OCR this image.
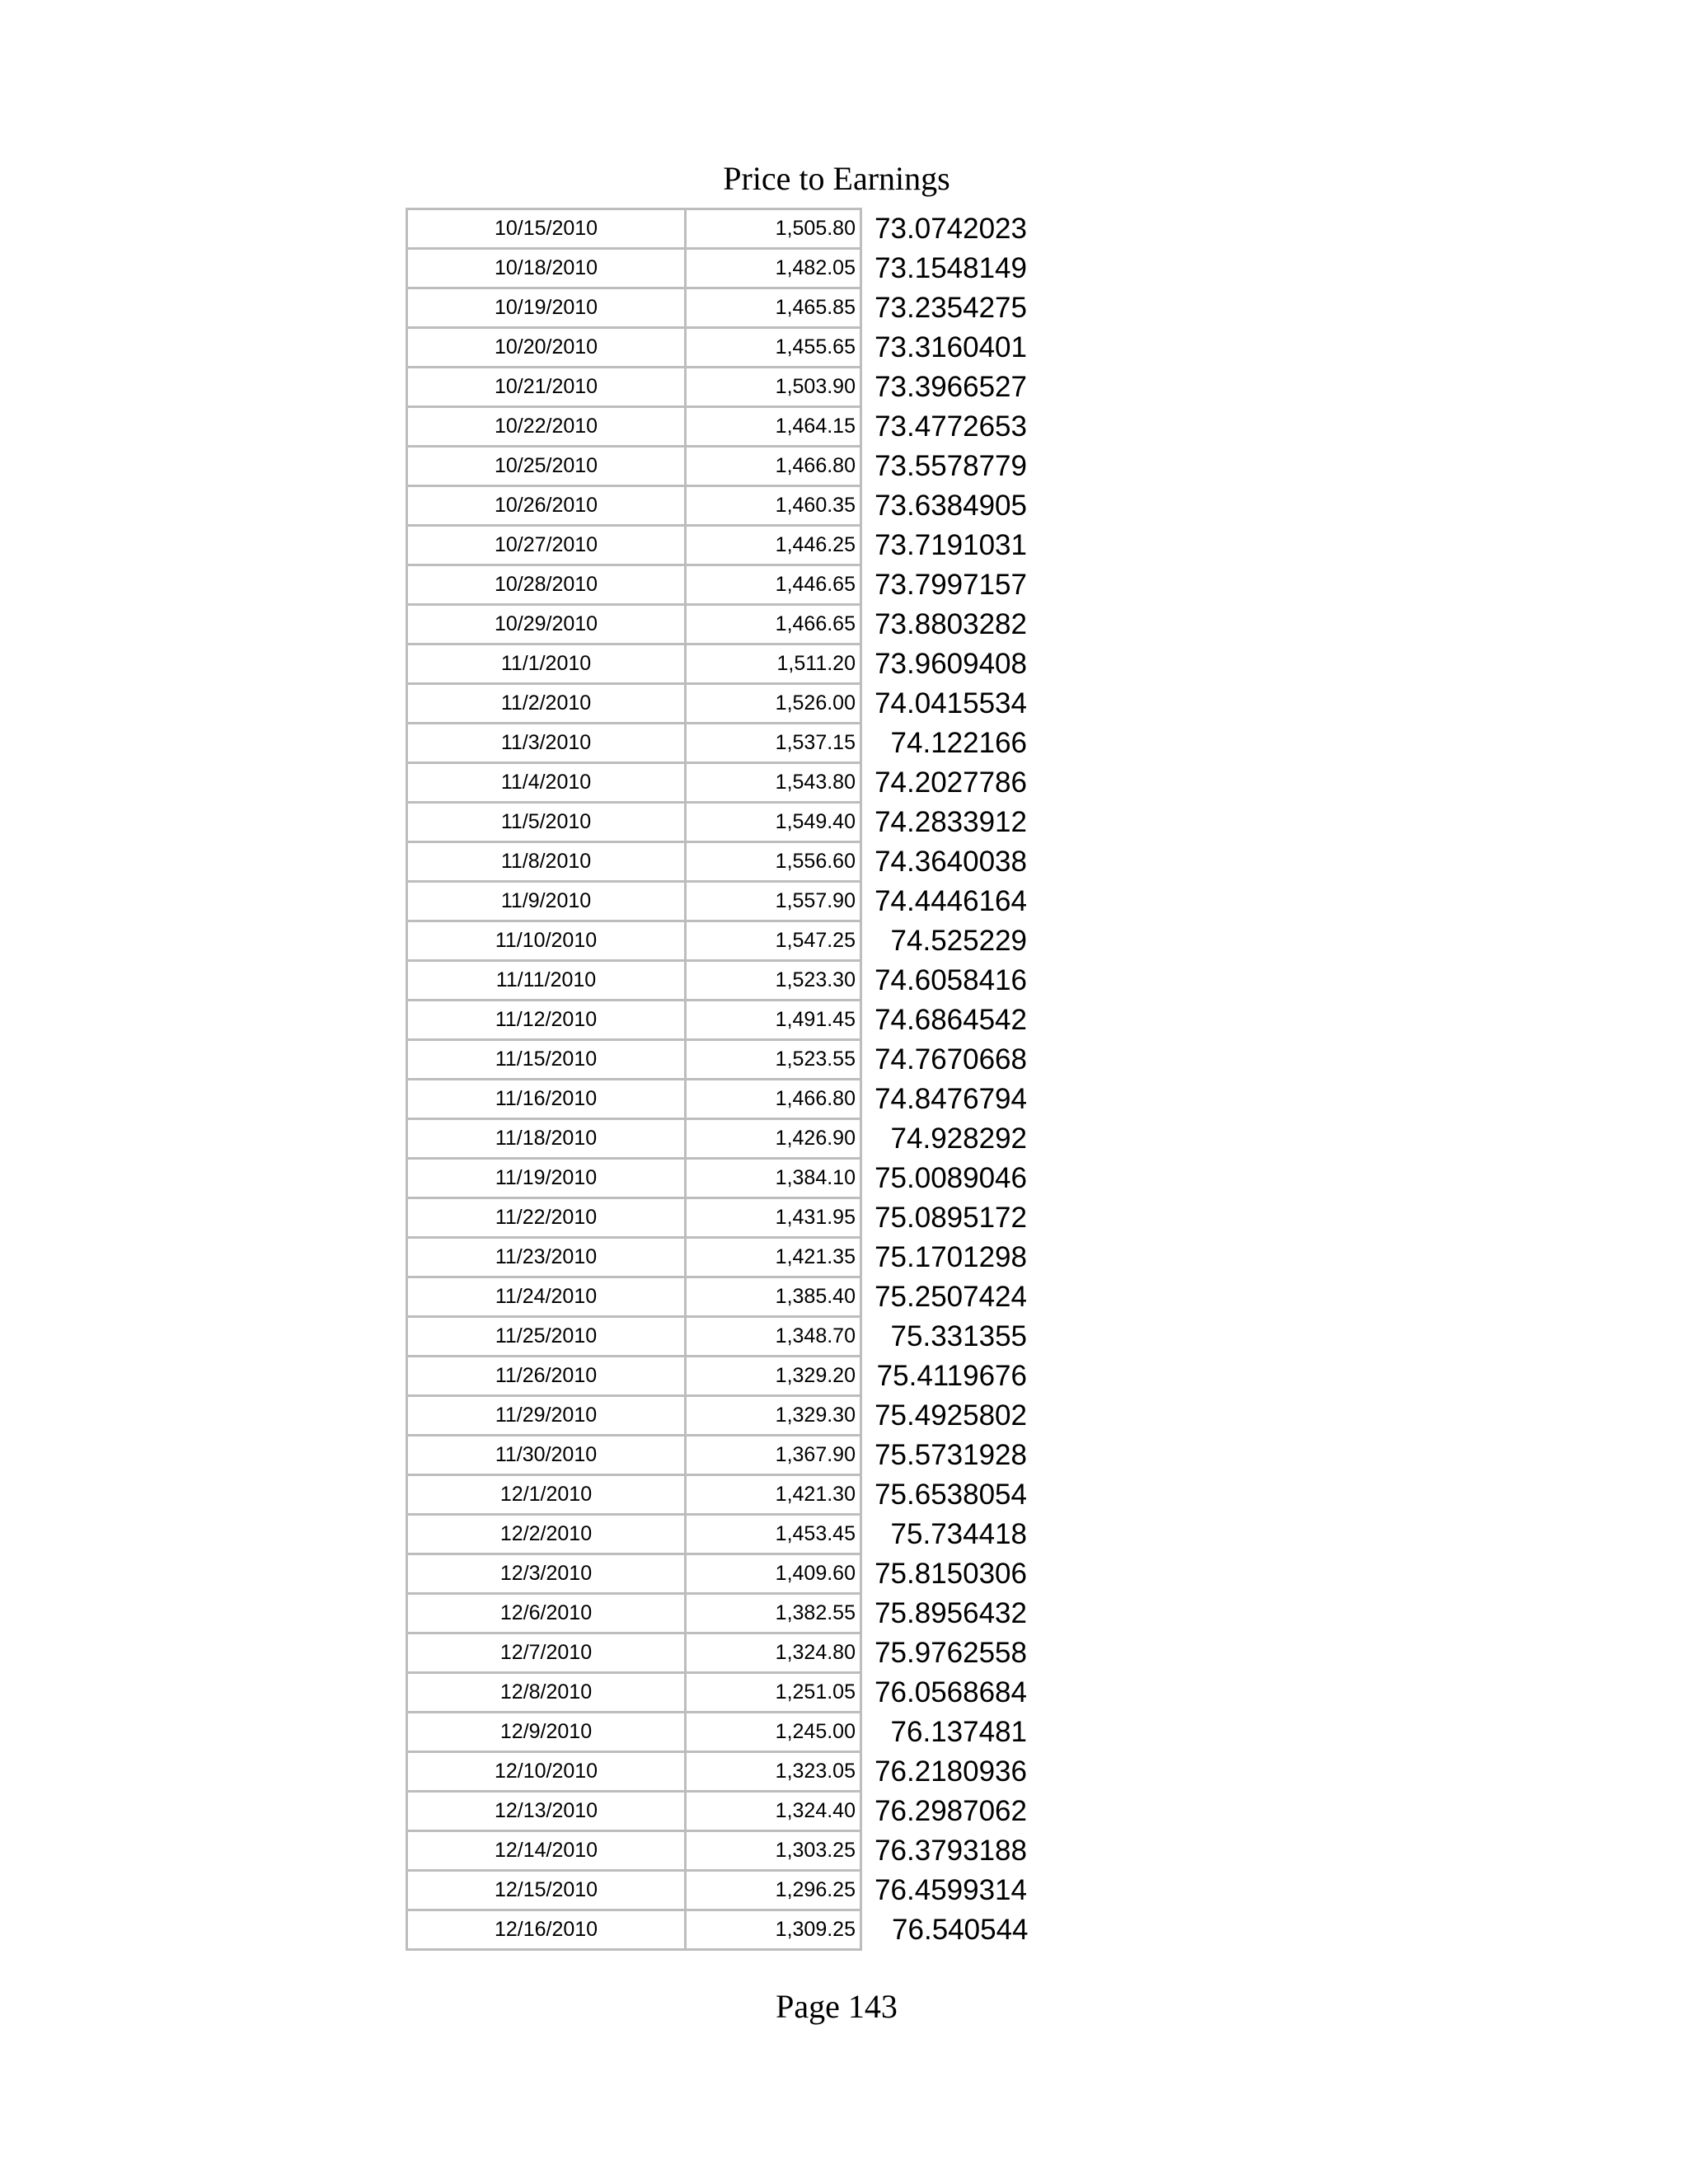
Price to Earnings
10/15/2010	1,505.80	73.0742023
10/18/2010	1,482.05	73.1548149
10/19/2010	1,465.85	73.2354275
10/20/2010	1,455.65	73.3160401
10/21/2010	1,503.90	73.3966527
10/22/2010	1,464.15	73.4772653
10/25/2010	1,466.80	73.5578779
10/26/2010	1,460.35	73.6384905
10/27/2010	1,446.25	73.7191031
10/28/2010	1,446.65	73.7997157
10/29/2010	1,466.65	73.8803282
11/1/2010	1,511.20	73.9609408
11/2/2010	1,526.00	74.0415534
11/3/2010	1,537.15	74.122166
11/4/2010	1,543.80	74.2027786
11/5/2010	1,549.40	74.2833912
11/8/2010	1,556.60	74.3640038
11/9/2010	1,557.90	74.4446164
11/10/2010	1,547.25	74.525229
11/11/2010	1,523.30	74.6058416
11/12/2010	1,491.45	74.6864542
11/15/2010	1,523.55	74.7670668
11/16/2010	1,466.80	74.8476794
11/18/2010	1,426.90	74.928292
11/19/2010	1,384.10	75.0089046
11/22/2010	1,431.95	75.0895172
11/23/2010	1,421.35	75.1701298
11/24/2010	1,385.40	75.2507424
11/25/2010	1,348.70	75.331355
11/26/2010	1,329.20	75.4119676
11/29/2010	1,329.30	75.4925802
11/30/2010	1,367.90	75.5731928
12/1/2010	1,421.30	75.6538054
12/2/2010	1,453.45	75.734418
12/3/2010	1,409.60	75.8150306
12/6/2010	1,382.55	75.8956432
12/7/2010	1,324.80	75.9762558
12/8/2010	1,251.05	76.0568684
12/9/2010	1,245.00	76.137481
12/10/2010	1,323.05	76.2180936
12/13/2010	1,324.40	76.2987062
12/14/2010	1,303.25	76.3793188
12/15/2010	1,296.25	76.4599314
12/16/2010	1,309.25	76.540544
Page 143
